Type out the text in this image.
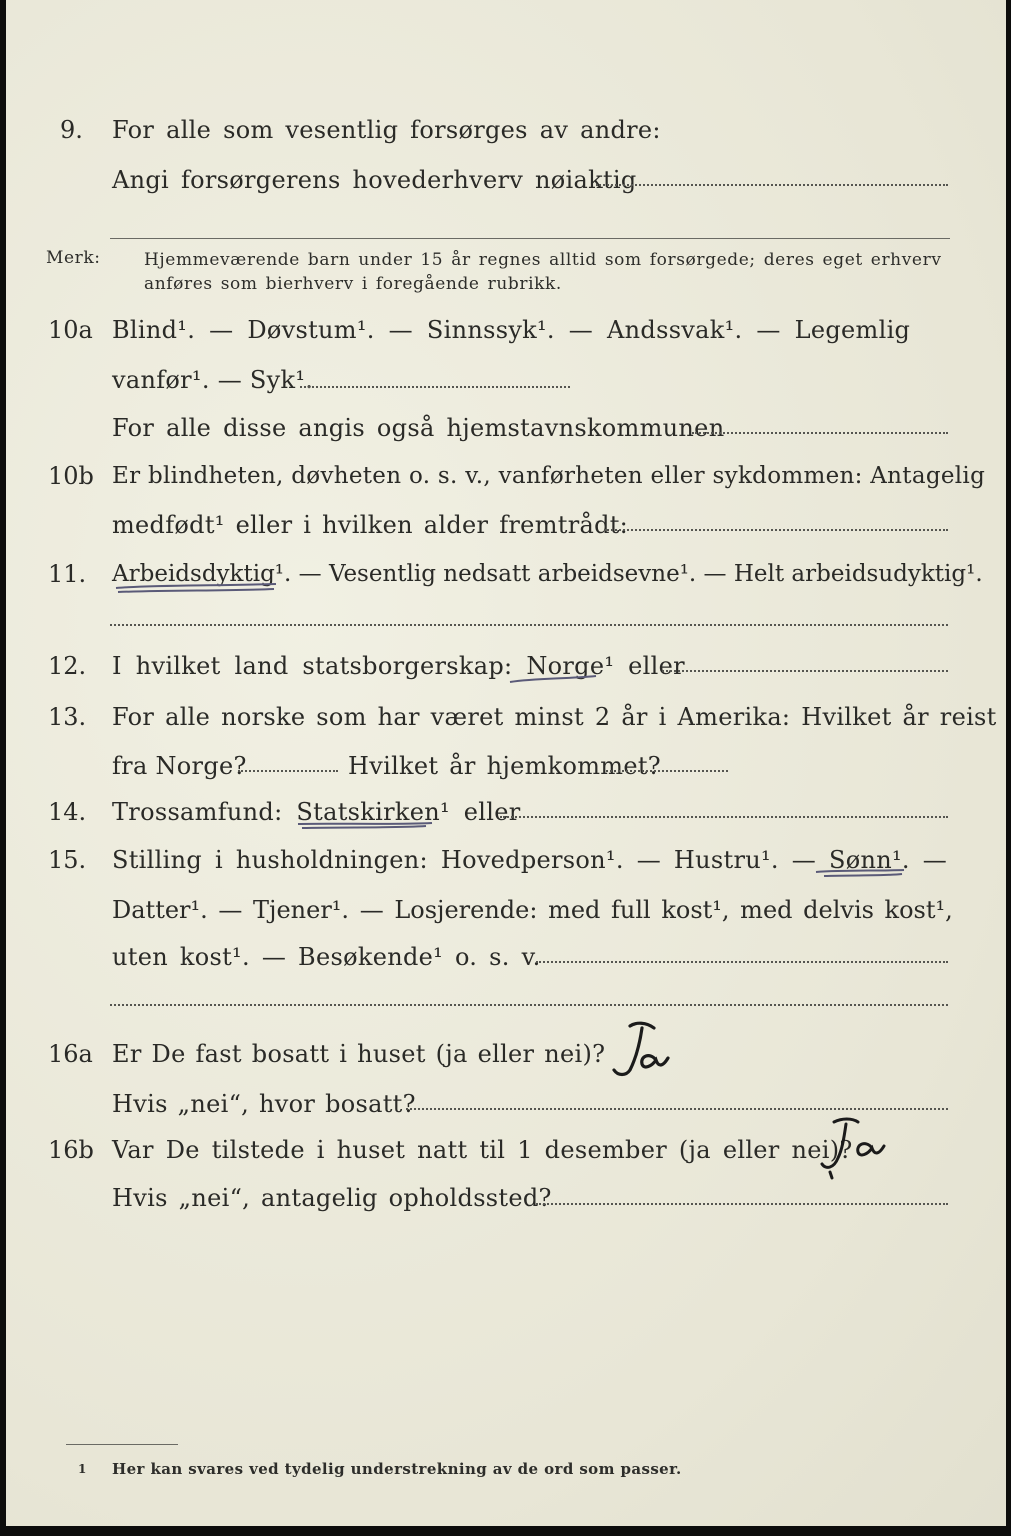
9. For alle som vesentlig forsørges av andre:
Angi forsørgerens hovederhverv nøiaktig
Merk:	Hjemmeværende barn under 15 år regnes alltid som forsørgede; deres eget erhverv
anføres som bierhverv i foregående rubrikk.
10a Blind¹. — Døvstum¹. — Sinnssyk¹. — Andssvak¹. — Legemlig
vanfør¹. — Syk¹.
For alle disse angis også hjemstavnskommunen
10b Er blindheten, døvheten o. s. v., vanførheten eller sykdommen: Antagelig
medfødt¹ eller i hvilken alder fremtrådt:
11. Arbeidsdyktig¹. — Vesentlig nedsatt arbeidsevne¹. — Helt arbeidsudyktig¹.
12. I hvilket land statsborgerskap: Norge¹ eller
13. For alle norske som har været minst 2 år i Amerika: Hvilket år reist
fra Norge?	Hvilket år hjemkommet?
14. Trossamfund: Statskirken¹ eller
15. Stilling i husholdningen: Hovedperson¹. — Hustru¹. — Sønn¹. —
Datter¹. — Tjener¹. — Losjerende: med full kost¹, med delvis kost¹,
uten kost¹. — Besøkende¹ o. s. v.
16a Er De fast bosatt i huset (ja eller nei)?
Hvis „nei“, hvor bosatt?
16b Var De tilstede i huset natt til 1 desember (ja eller nei)?
Hvis „nei“, antagelig opholdssted?
1 Her kan svares ved tydelig understrekning av de ord som passer.
